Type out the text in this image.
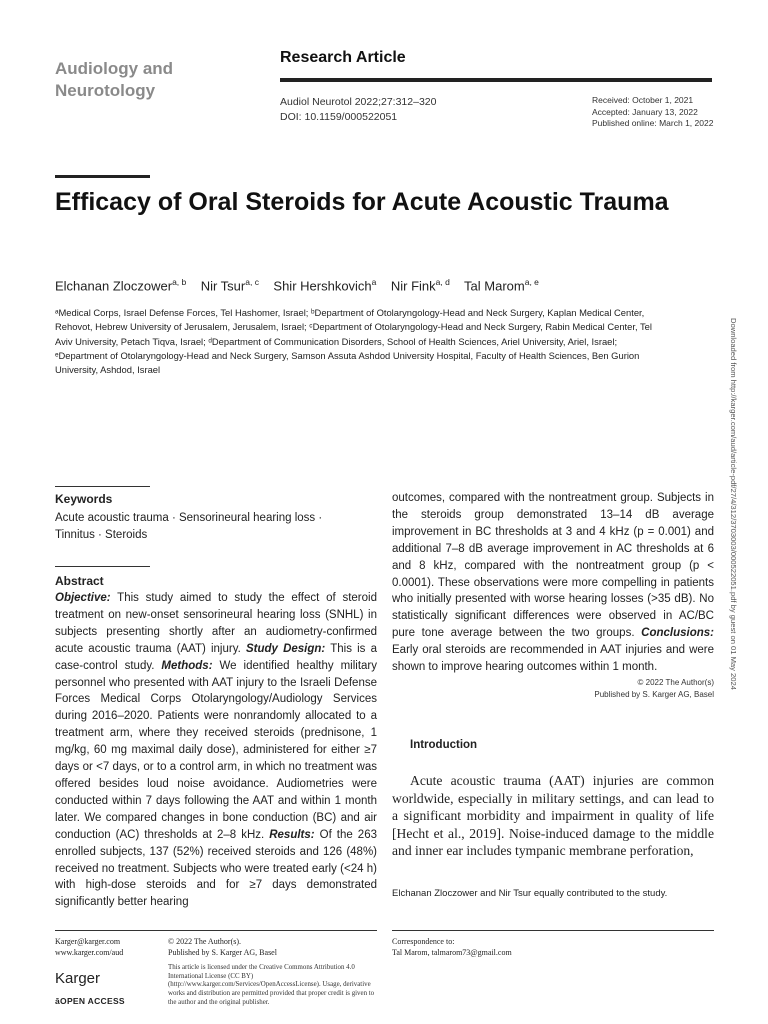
Audiology and
Neurotology
Research Article
Audiol Neurotol 2022;27:312–320
DOI: 10.1159/000522051
Received: October 1, 2021
Accepted: January 13, 2022
Published online: March 1, 2022
Efficacy of Oral Steroids for Acute Acoustic Trauma
Elchanan Zloczower$^{a, b}$ Nir Tsur$^{a, c}$ Shir Hershkovich$^a$ Nir Fink$^{a, d}$ Tal Marom$^{a, e}$
ᵃMedical Corps, Israel Defense Forces, Tel Hashomer, Israel; ᵇDepartment of Otolaryngology-Head and Neck Surgery, Kaplan Medical Center, Rehovot, Hebrew University of Jerusalem, Jerusalem, Israel; ᶜDepartment of Otolaryngology-Head and Neck Surgery, Rabin Medical Center, Tel Aviv University, Petach Tiqva, Israel; ᵈDepartment of Communication Disorders, School of Health Sciences, Ariel University, Ariel, Israel; ᵉDepartment of Otolaryngology-Head and Neck Surgery, Samson Assuta Ashdod University Hospital, Faculty of Health Sciences, Ben Gurion University, Ashdod, Israel	Downloaded from http://karger.com/aud/article-pdf/27/4/312/3703003/000522051.pdf by guest on 01 May 2024
Keywords
Acute acoustic trauma · Sensorineural hearing loss · Tinnitus · Steroids
Abstract
Objective: This study aimed to study the effect of steroid treatment on new-onset sensorineural hearing loss (SNHL) in subjects presenting shortly after an audiometry-confirmed acute acoustic trauma (AAT) injury. Study Design: This is a case-control study. Methods: We identified healthy military personnel who presented with AAT injury to the Israeli Defense Forces Medical Corps Otolaryngology/Audiology Services during 2016–2020. Patients were nonrandomly allocated to a treatment arm, where they received steroids (prednisone, 1 mg/kg, 60 mg maximal daily dose), administered for either ≥7 days or <7 days, or to a control arm, in which no treatment was offered besides loud noise avoidance. Audiometries were conducted within 7 days following the AAT and within 1 month later. We compared changes in bone conduction (BC) and air conduction (AC) thresholds at 2–8 kHz. Results: Of the 263 enrolled subjects, 137 (52%) received steroids and 126 (48%) received no treatment. Subjects who were treated early (<24 h) with high-dose steroids and for ≥7 days demonstrated significantly better hearing
outcomes, compared with the nontreatment group. Subjects in the steroids group demonstrated 13–14 dB average improvement in BC thresholds at 3 and 4 kHz (p = 0.001) and additional 7–8 dB average improvement in AC thresholds at 6 and 8 kHz, compared with the nontreatment group (p < 0.0001). These observations were more compelling in patients who initially presented with worse hearing losses (>35 dB). No statistically significant differences were observed in AC/BC pure tone average between the two groups. Conclusions: Early oral steroids are recommended in AAT injuries and were shown to improve hearing outcomes within 1 month.
© 2022 The Author(s)
Published by S. Karger AG, Basel
Introduction
Acute acoustic trauma (AAT) injuries are common worldwide, especially in military settings, and can lead to a significant morbidity and impairment in quality of life [Hecht et al., 2019]. Noise-induced damage to the middle and inner ear includes tympanic membrane perforation,
Elchanan Zloczower and Nir Tsur equally contributed to the study.
Karger@karger.com
www.karger.com/aud
© 2022 The Author(s).
Published by S. Karger AG, Basel
This article is licensed under the Creative Commons Attribution 4.0 International License (CC BY) (http://www.karger.com/Services/OpenAccessLicense). Usage, derivative works and distribution are permitted provided that proper credit is given to the author and the original publisher.
Correspondence to:
Tal Marom, talmarom73@gmail.com
Karger
āOPEN ACCESS
